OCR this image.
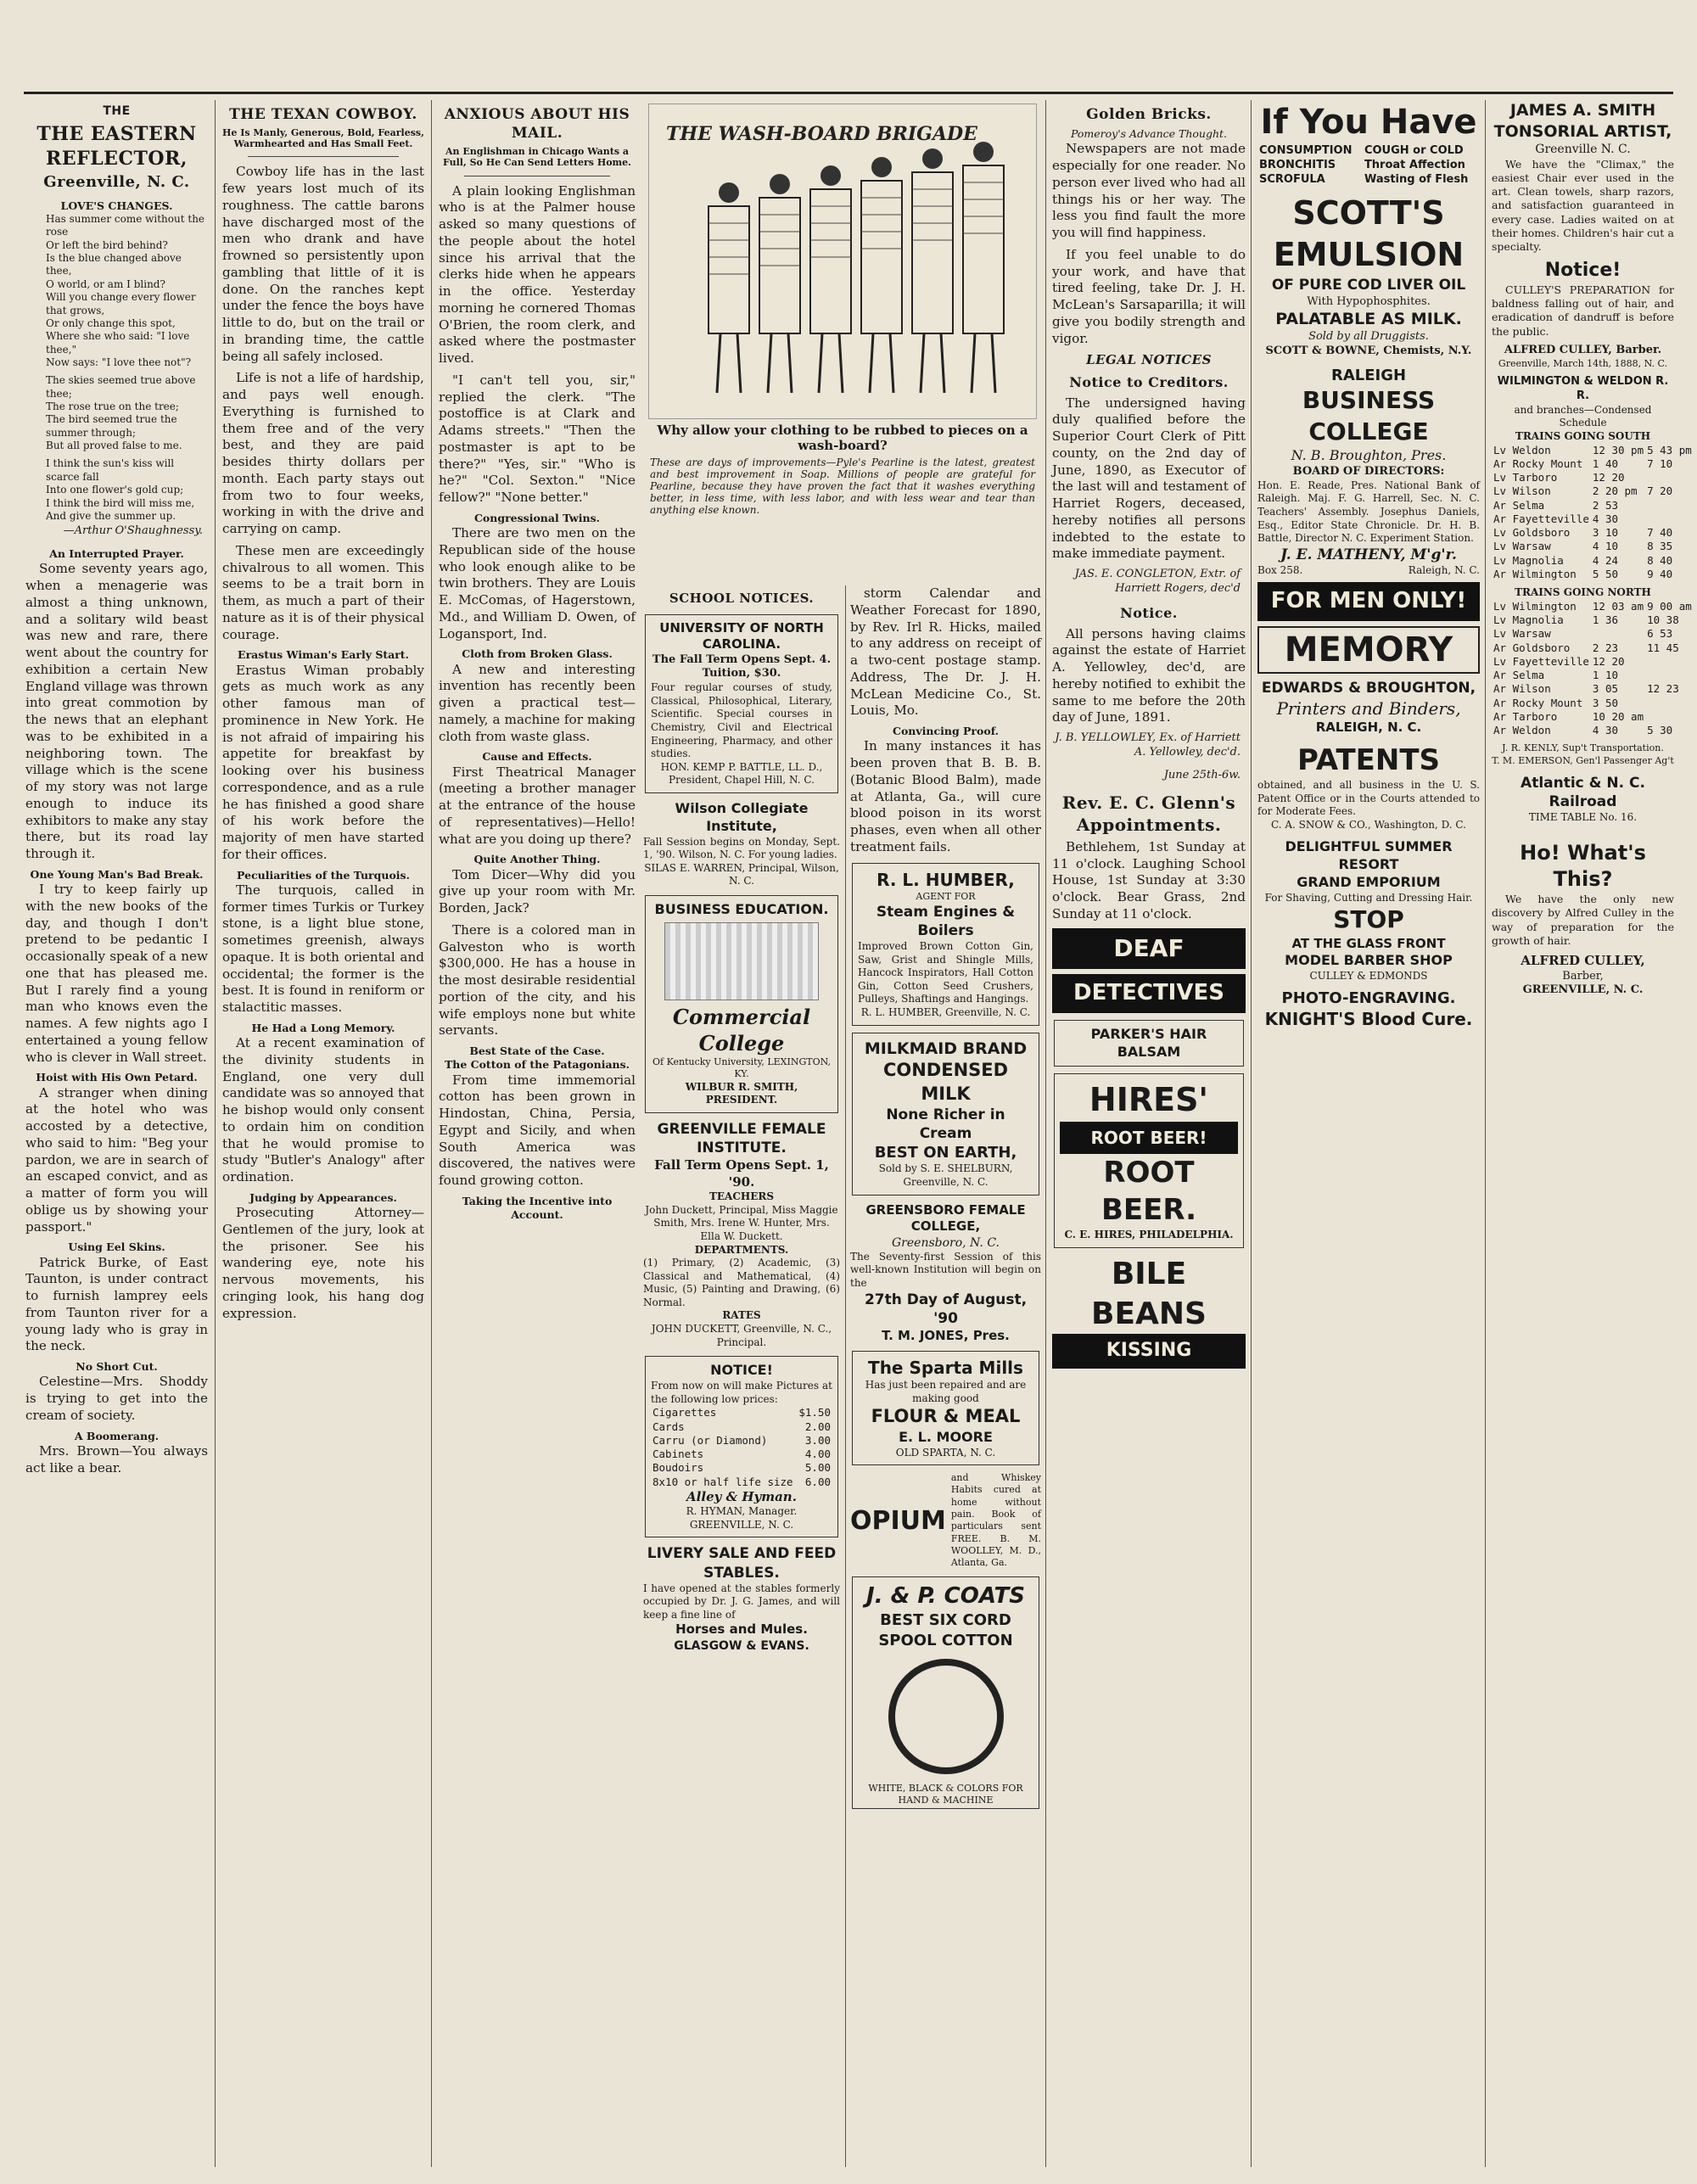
THE
THE EASTERN REFLECTOR,
Greenville, N. C.
LOVE'S CHANGES.
Has summer come without the rose
Or left the bird behind?
Is the blue changed above thee,
O world, or am I blind?
Will you change every flower that grows,
Or only change this spot,
Where she who said: "I love thee,"
Now says: "I love thee not"?
The skies seemed true above thee;
The rose true on the tree;
The bird seemed true the summer through;
But all proved false to me.
I think the sun's kiss will scarce fall
Into one flower's gold cup;
I think the bird will miss me,
And give the summer up.
—Arthur O'Shaughnessy.
An Interrupted Prayer.

Some seventy years ago, when a menagerie was almost a thing unknown, and a solitary wild beast was new and rare, there went about the country for exhibition a certain New England village was thrown into great commotion by the news that an elephant was to be exhibited in a neighboring town. The village which is the scene of my story was not large enough to induce its exhibitors to make any stay there, but its road lay through it.

One Young Man's Bad Break.

I try to keep fairly up with the new books of the day, and though I don't pretend to be pedantic I occasionally speak of a new one that has pleased me. But I rarely find a young man who knows even the names. A few nights ago I entertained a young fellow who is clever in Wall street.

Hoist with His Own Petard.

A stranger when dining at the hotel who was accosted by a detective, who said to him: "Beg your pardon, we are in search of an escaped convict, and as a matter of form you will oblige us by showing your passport."

Using Eel Skins.

Patrick Burke, of East Taunton, is under contract to furnish lamprey eels from Taunton river for a young lady who is gray in the neck.

No Short Cut.

Celestine—Mrs. Shoddy is trying to get into the cream of society.

A Boomerang.

Mrs. Brown—You always act like a bear.

THE TEXAN COWBOY.
He Is Manly, Generous, Bold, Fearless, Warmhearted and Has Small Feet.

Cowboy life has in the last few years lost much of its roughness. The cattle barons have discharged most of the men who drank and have frowned so persistently upon gambling that little of it is done. On the ranches kept under the fence the boys have little to do, but on the trail or in branding time, the cattle being all safely inclosed.

Life is not a life of hardship, and pays well enough. Everything is furnished to them free and of the very best, and they are paid besides thirty dollars per month. Each party stays out from two to four weeks, working in with the drive and carrying on camp.

These men are exceedingly chivalrous to all women. This seems to be a trait born in them, as much a part of their nature as it is of their physical courage.

Erastus Wiman's Early Start.

Erastus Wiman probably gets as much work as any other famous man of prominence in New York. He is not afraid of impairing his appetite for breakfast by looking over his business correspondence, and as a rule he has finished a good share of his work before the majority of men have started for their offices.

Peculiarities of the Turquois.

The turquois, called in former times Turkis or Turkey stone, is a light blue stone, sometimes greenish, always opaque. It is both oriental and occidental; the former is the best. It is found in reniform or stalactitic masses.

He Had a Long Memory.

At a recent examination of the divinity students in England, one very dull candidate was so annoyed that he bishop would only consent to ordain him on condition that he would promise to study "Butler's Analogy" after ordination.

Judging by Appearances.

Prosecuting Attorney—Gentlemen of the jury, look at the prisoner. See his wandering eye, note his nervous movements, his cringing look, his hang dog expression.

ANXIOUS ABOUT HIS MAIL.
An Englishman in Chicago Wants a Full, So He Can Send Letters Home.

A plain looking Englishman who is at the Palmer house asked so many questions of the people about the hotel since his arrival that the clerks hide when he appears in the office. Yesterday morning he cornered Thomas O'Brien, the room clerk, and asked where the postmaster lived.

"I can't tell you, sir," replied the clerk. "The postoffice is at Clark and Adams streets." "Then the postmaster is apt to be there?" "Yes, sir." "Who is he?" "Col. Sexton." "Nice fellow?" "None better."

Congressional Twins.

There are two men on the Republican side of the house who look enough alike to be twin brothers. They are Louis E. McComas, of Hagerstown, Md., and William D. Owen, of Logansport, Ind.

Cloth from Broken Glass.

A new and interesting invention has recently been given a practical test—namely, a machine for making cloth from waste glass.

Cause and Effects.

First Theatrical Manager (meeting a brother manager at the entrance of the house of representatives)—Hello! what are you doing up there?

Quite Another Thing.

Tom Dicer—Why did you give up your room with Mr. Borden, Jack?

There is a colored man in Galveston who is worth $300,000. He has a house in the most desirable residential portion of the city, and his wife employs none but white servants.

Best State of the Case.
The Cotton of the Patagonians.

From time immemorial cotton has been grown in Hindostan, China, Persia, Egypt and Sicily, and when South America was discovered, the natives were found growing cotton.

Taking the Incentive into Account.
THE WASH-BOARD BRIGADE
Why allow your clothing to be rubbed to pieces on a wash-board?
These are days of improvements—Pyle's Pearline is the latest, greatest and best improvement in Soap. Millions of people are grateful for Pearline, because they have proven the fact that it washes everything better, in less time, with less labor, and with less wear and tear than anything else known.
SCHOOL NOTICES.
UNIVERSITY OF NORTH CAROLINA.
The Fall Term Opens Sept. 4. Tuition, $30.
Four regular courses of study, Classical, Philosophical, Literary, Scientific. Special courses in Chemistry, Civil and Electrical Engineering, Pharmacy, and other studies.
HON. KEMP P. BATTLE, LL. D., President, Chapel Hill, N. C.
Wilson Collegiate Institute,
Fall Session begins on Monday, Sept. 1, '90. Wilson, N. C. For young ladies.
SILAS E. WARREN, Principal, Wilson, N. C.
BUSINESS EDUCATION.
Commercial College
Of Kentucky University, LEXINGTON, KY.
WILBUR R. SMITH, PRESIDENT.
GREENVILLE FEMALE INSTITUTE.
Fall Term Opens Sept. 1, '90.
TEACHERS
John Duckett, Principal, Miss Maggie Smith, Mrs. Irene W. Hunter, Mrs. Ella W. Duckett.
DEPARTMENTS.
(1) Primary, (2) Academic, (3) Classical and Mathematical, (4) Music, (5) Painting and Drawing, (6) Normal.
RATES
JOHN DUCKETT, Greenville, N. C., Principal.
NOTICE!
From now on will make Pictures at the following low prices:
Cigarettes	$1.50
Cards	2.00
Carru (or Diamond)	3.00
Cabinets	4.00
Boudoirs	5.00
8x10 or half life size	6.00
Alley & Hyman.
R. HYMAN, Manager.
GREENVILLE, N. C.
LIVERY SALE AND FEED STABLES.
I have opened at the stables formerly occupied by Dr. J. G. James, and will keep a fine line of
Horses and Mules.
GLASGOW & EVANS.

storm Calendar and Weather Forecast for 1890, by Rev. Irl R. Hicks, mailed to any address on receipt of a two-cent postage stamp. Address, The Dr. J. H. McLean Medicine Co., St. Louis, Mo.

Convincing Proof.

In many instances it has been proven that B. B. B. (Botanic Blood Balm), made at Atlanta, Ga., will cure blood poison in its worst phases, even when all other treatment fails.

R. L. HUMBER,
AGENT FOR
Steam Engines & Boilers
Improved Brown Cotton Gin, Saw, Grist and Shingle Mills, Hancock Inspirators, Hall Cotton Gin, Cotton Seed Crushers, Pulleys, Shaftings and Hangings.
R. L. HUMBER, Greenville, N. C.
MILKMAID BRAND
CONDENSED MILK
None Richer in Cream
BEST ON EARTH,
Sold by S. E. SHELBURN, Greenville, N. C.
GREENSBORO FEMALE COLLEGE,
Greensboro, N. C.
The Seventy-first Session of this well-known Institution will begin on the
27th Day of August, '90
T. M. JONES, Pres.
The Sparta Mills
Has just been repaired and are making good
FLOUR & MEAL
E. L. MOORE
OLD SPARTA, N. C.
OPIUM
and Whiskey Habits cured at home without pain. Book of particulars sent FREE. B. M. WOOLLEY, M. D., Atlanta, Ga.
J. & P. COATS
BEST SIX CORD SPOOL COTTON
WHITE, BLACK & COLORS FOR HAND & MACHINE
Golden Bricks.
Pomeroy's Advance Thought.

Newspapers are not made especially for one reader. No person ever lived who had all things his or her way. The less you find fault the more you will find happiness.

If you feel unable to do your work, and have that tired feeling, take Dr. J. H. McLean's Sarsaparilla; it will give you bodily strength and vigor.

LEGAL NOTICES
Notice to Creditors.

The undersigned having duly qualified before the Superior Court Clerk of Pitt county, on the 2nd day of June, 1890, as Executor of the last will and testament of Harriet Rogers, deceased, hereby notifies all persons indebted to the estate to make immediate payment.

JAS. E. CONGLETON, Extr. of Harriett Rogers, dec'd
Notice.

All persons having claims against the estate of Harriet A. Yellowley, dec'd, are hereby notified to exhibit the same to me before the 20th day of June, 1891.

J. B. YELLOWLEY, Ex. of Harriett A. Yellowley, dec'd.
June 25th-6w.
Rev. E. C. Glenn's Appointments.

Bethlehem, 1st Sunday at 11 o'clock. Laughing School House, 1st Sunday at 3:30 o'clock. Bear Grass, 2nd Sunday at 11 o'clock.

DEAF
DETECTIVES
PARKER'S HAIR BALSAM
HIRES'
ROOT BEER!
ROOT BEER.
C. E. HIRES, PHILADELPHIA.
BILE BEANS
KISSING
If You Have
CONSUMPTION	COUGH or COLD
BRONCHITIS	Throat Affection
SCROFULA	Wasting of Flesh
SCOTT'S EMULSION
OF PURE COD LIVER OIL
With Hypophosphites.
PALATABLE AS MILK.
Sold by all Druggists.
SCOTT & BOWNE, Chemists, N.Y.
RALEIGH
BUSINESS COLLEGE
N. B. Broughton, Pres.
BOARD OF DIRECTORS:
Hon. E. Reade, Pres. National Bank of Raleigh. Maj. F. G. Harrell, Sec. N. C. Teachers' Assembly. Josephus Daniels, Esq., Editor State Chronicle. Dr. H. B. Battle, Director N. C. Experiment Station.
J. E. MATHENY, M'g'r.
Box 258.	Raleigh, N. C.
FOR MEN ONLY!
MEMORY
EDWARDS & BROUGHTON,
Printers and Binders,
RALEIGH, N. C.
PATENTS
obtained, and all business in the U. S. Patent Office or in the Courts attended to for Moderate Fees.
C. A. SNOW & CO., Washington, D. C.
DELIGHTFUL SUMMER RESORT
GRAND EMPORIUM
For Shaving, Cutting and Dressing Hair.
STOP
AT THE GLASS FRONT
MODEL BARBER SHOP
CULLEY & EDMONDS
PHOTO-ENGRAVING.
KNIGHT'S Blood Cure.
JAMES A. SMITH
TONSORIAL ARTIST,
Greenville N. C.

We have the "Climax," the easiest Chair ever used in the art. Clean towels, sharp razors, and satisfaction guaranteed in every case. Ladies waited on at their homes. Children's hair cut a specialty.

Notice!

CULLEY'S PREPARATION for baldness falling out of hair, and eradication of dandruff is before the public.

ALFRED CULLEY, Barber.
Greenville, March 14th, 1888, N. C.
WILMINGTON & WELDON R. R.
and branches—Condensed Schedule
TRAINS GOING SOUTH
Lv Weldon	12 30 pm	5 43 pm
Ar Rocky Mount	1 40	7 10
Lv Tarboro	12 20	
Lv Wilson	2 20 pm	7 20
Ar Selma	2 53	
Ar Fayetteville	4 30	
Lv Goldsboro	3 10	7 40
Lv Warsaw	4 10	8 35
Lv Magnolia	4 24	8 40
Ar Wilmington	5 50	9 40
TRAINS GOING NORTH
Lv Wilmington	12 03 am	9 00 am
Lv Magnolia	1 36	10 38
Lv Warsaw		6 53
Ar Goldsboro	2 23	11 45
Lv Fayetteville	12 20	
Ar Selma	1 10	
Ar Wilson	3 05	12 23
Ar Rocky Mount	3 50	
Ar Tarboro	10 20 am	
Ar Weldon	4 30	5 30
J. R. KENLY, Sup't Transportation.
T. M. EMERSON, Gen'l Passenger Ag't
Atlantic & N. C. Railroad
TIME TABLE No. 16.
Ho! What's This?

We have the only new discovery by Alfred Culley in the way of preparation for the growth of hair.

ALFRED CULLEY,
Barber,
GREENVILLE, N. C.
